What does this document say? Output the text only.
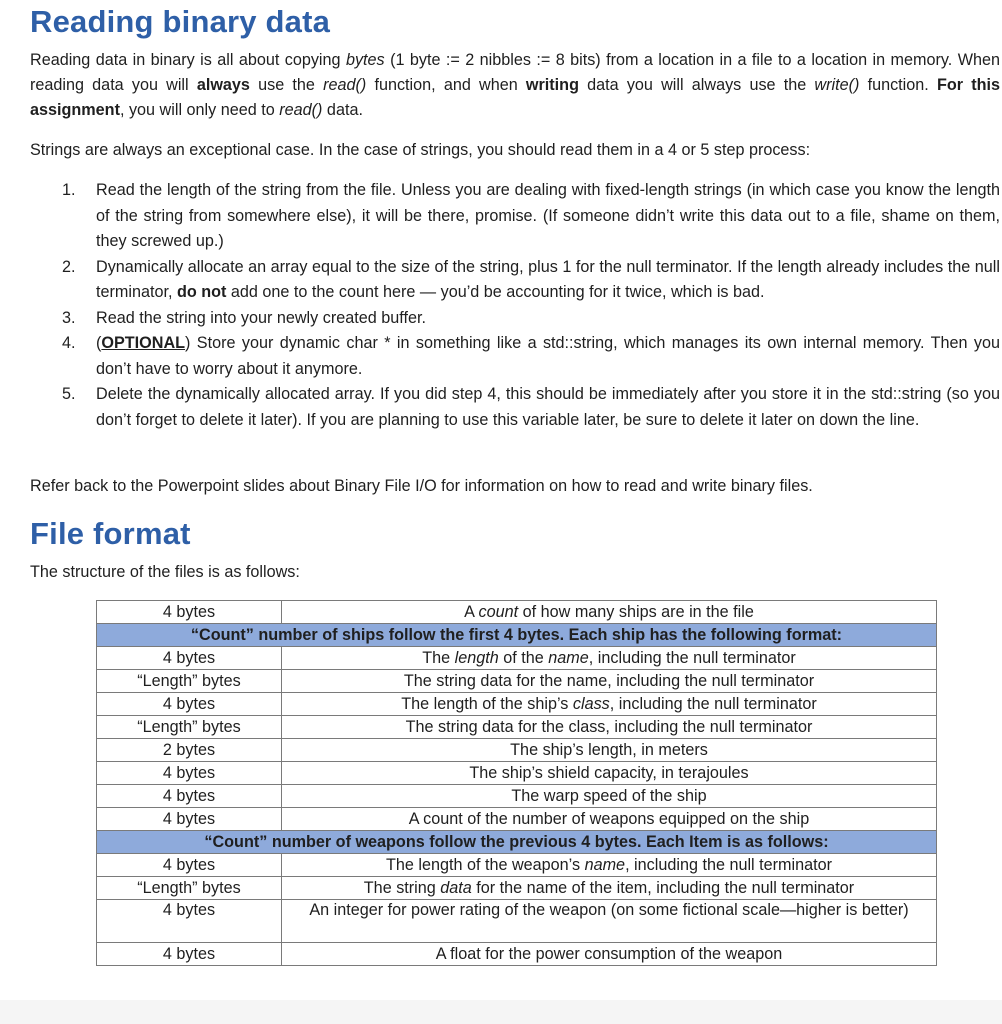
Reading binary data

Reading data in binary is all about copying bytes (1 byte := 2 nibbles := 8 bits) from a location in a file to a location in memory. When reading data you will always use the read() function, and when writing data you will always use the write() function. For this assignment, you will only need to read() data.

Strings are always an exceptional case. In the case of strings, you should read them in a 4 or 5 step process:

1. Read the length of the string from the file. Unless you are dealing with fixed-length strings (in which case you know the length of the string from somewhere else), it will be there, promise. (If someone didn’t write this data out to a file, shame on them, they screwed up.)
2. Dynamically allocate an array equal to the size of the string, plus 1 for the null terminator. If the length already includes the null terminator, do not add one to the count here — you’d be accounting for it twice, which is bad.
3. Read the string into your newly created buffer.
4. (OPTIONAL) Store your dynamic char * in something like a std::string, which manages its own internal memory. Then you don’t have to worry about it anymore.
5. Delete the dynamically allocated array. If you did step 4, this should be immediately after you store it in the std::string (so you don’t forget to delete it later). If you are planning to use this variable later, be sure to delete it later on down the line.

Refer back to the Powerpoint slides about Binary File I/O for information on how to read and write binary files.

File format

The structure of the files is as follows:

4 bytes	A count of how many ships are in the file
“Count” number of ships follow the first 4 bytes. Each ship has the following format:	
4 bytes	The length of the name, including the null terminator
“Length” bytes	The string data for the name, including the null terminator
4 bytes	The length of the ship’s class, including the null terminator
“Length” bytes	The string data for the class, including the null terminator
2 bytes	The ship’s length, in meters
4 bytes	The ship’s shield capacity, in terajoules
4 bytes	The warp speed of the ship
4 bytes	A count of the number of weapons equipped on the ship
“Count” number of weapons follow the previous 4 bytes. Each Item is as follows:	
4 bytes	The length of the weapon’s name, including the null terminator
“Length” bytes	The string data for the name of the item, including the null terminator
4 bytes	An integer for power rating of the weapon (on some fictional scale—higher is better)
4 bytes	A float for the power consumption of the weapon
